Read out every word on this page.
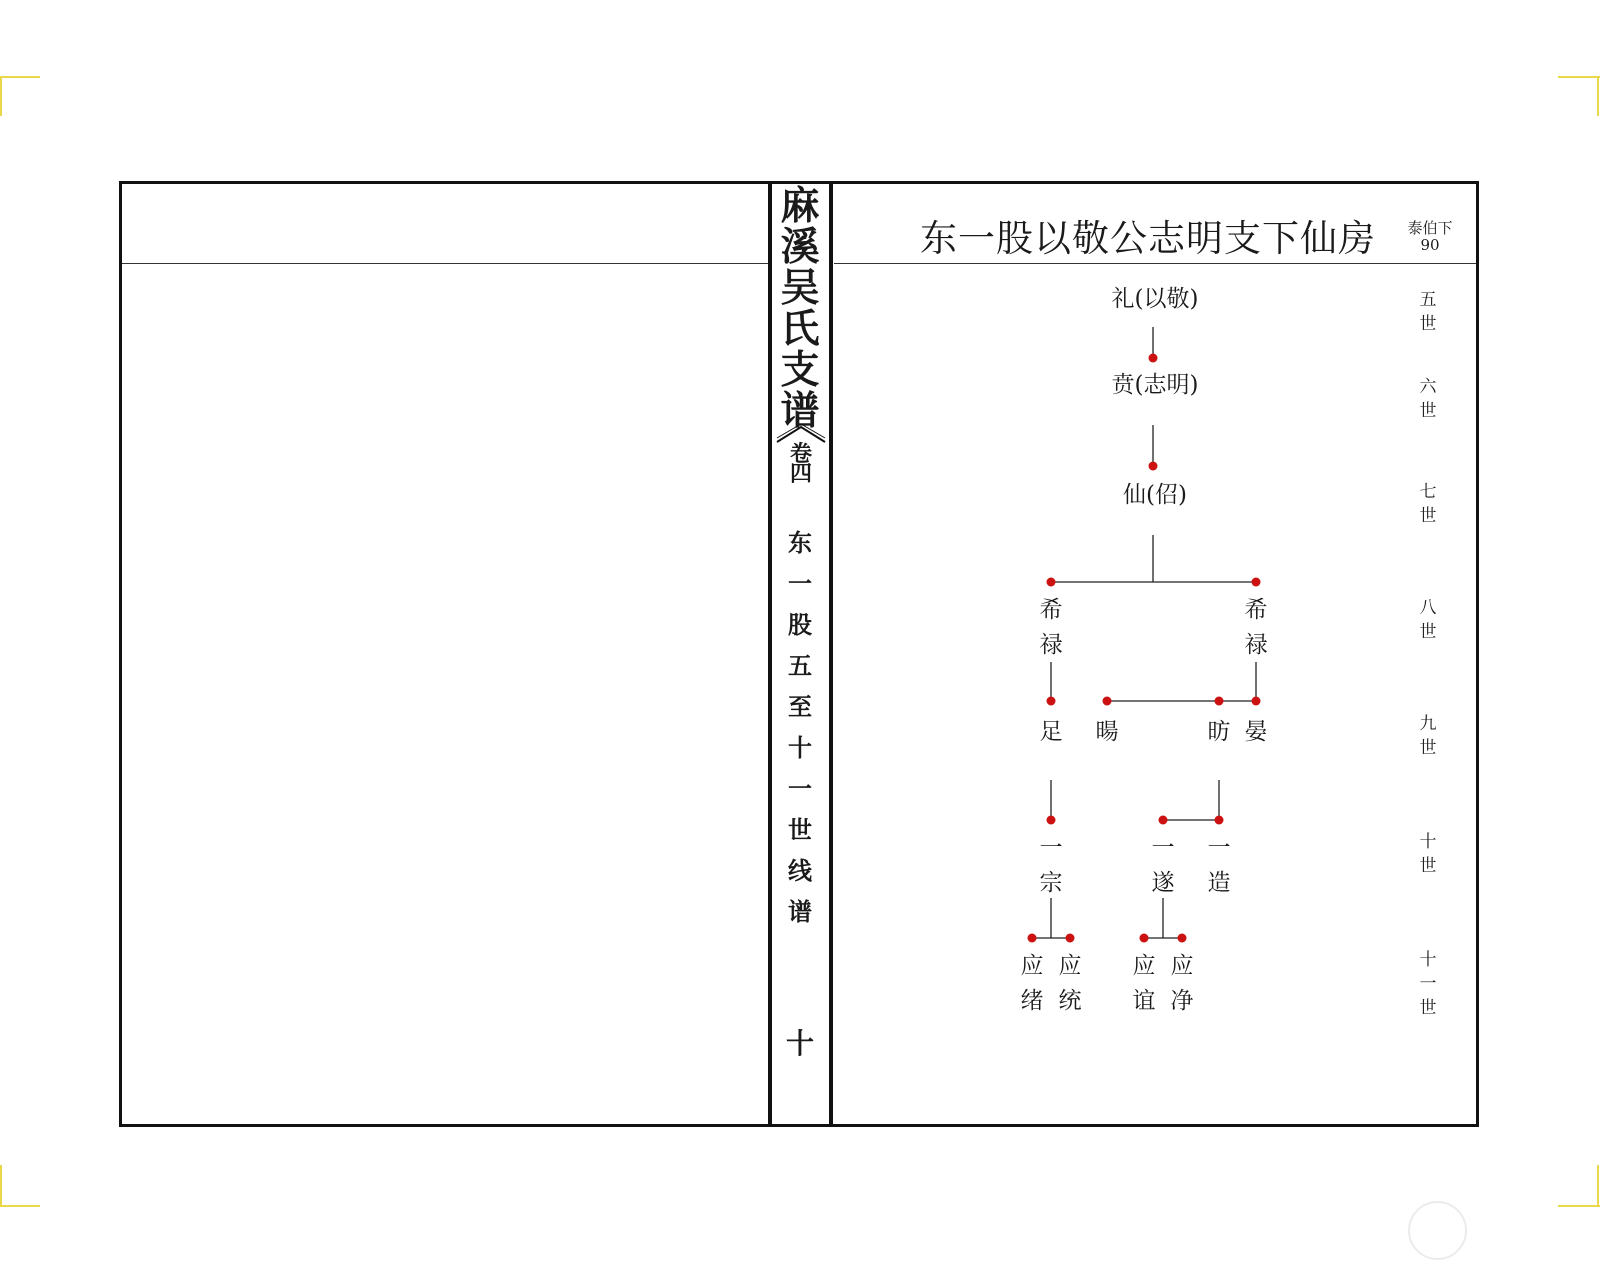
麻
溪
吴
氏
支
谱
卷
四
东
一
股
五
至
十
一
世
线
谱
十
东一股以敬公志明支下仙房	泰伯下
90
五
世
六
世
七
世
八
世
九
世
十
世
十
一
世
礼(以敬)
贲(志明)
仙(佋)
希
禄
希
禄
足 暘	昉 晏
一
宗
一
遂
一
造
应
绪
应
统
应
谊
应
净
